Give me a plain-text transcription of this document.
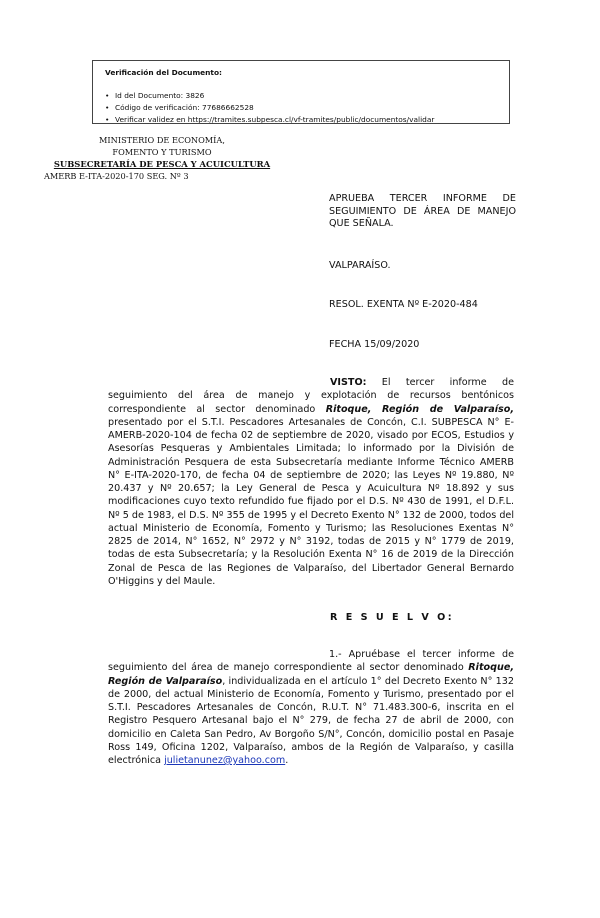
Verificación del Documento:
• Id del Documento: 3826
• Código de verificación: 77686662528
• Verificar validez en https://tramites.subpesca.cl/vf-tramites/public/documentos/validar
MINISTERIO DE ECONOMÍA,
FOMENTO Y TURISMO
SUBSECRETARÍA DE PESCA Y ACUICULTURA
AMERB E-ITA-2020-170 SEG. Nº 3
APRUEBA TERCER INFORME DE SEGUIMIENTO DE ÁREA DE MANEJO QUE SEÑALA.
VALPARAÍSO.
RESOL. EXENTA Nº E-2020-484
FECHA 15/09/2020
VISTO: El tercer informe de seguimiento del área de manejo y explotación de recursos bentónicos correspondiente al sector denominado Ritoque, Región de Valparaíso, presentado por el S.T.I. Pescadores Artesanales de Concón, C.I. SUBPESCA N° E-AMERB-2020-104 de fecha 02 de septiembre de 2020, visado por ECOS, Estudios y Asesorías Pesqueras y Ambientales Limitada; lo informado por la División de Administración Pesquera de esta Subsecretaría mediante Informe Técnico AMERB N° E-ITA-2020-170, de fecha 04 de septiembre de 2020; las Leyes Nº 19.880, Nº 20.437 y Nº 20.657; la Ley General de Pesca y Acuicultura Nº 18.892 y sus modificaciones cuyo texto refundido fue fijado por el D.S. Nº 430 de 1991, el D.F.L. Nº 5 de 1983, el D.S. Nº 355 de 1995 y el Decreto Exento N° 132 de 2000, todos del actual Ministerio de Economía, Fomento y Turismo; las Resoluciones Exentas N° 2825 de 2014, N° 1652, N° 2972 y N° 3192, todas de 2015 y N° 1779 de 2019, todas de esta Subsecretaría; y la Resolución Exenta N° 16 de 2019 de la Dirección Zonal de Pesca de las Regiones de Valparaíso, del Libertador General Bernardo O'Higgins y del Maule.
R E S U E L V O:
1.- Apruébase el tercer informe de seguimiento del área de manejo correspondiente al sector denominado Ritoque, Región de Valparaíso, individualizada en el artículo 1° del Decreto Exento N° 132 de 2000, del actual Ministerio de Economía, Fomento y Turismo, presentado por el S.T.I. Pescadores Artesanales de Concón, R.U.T. N° 71.483.300-6, inscrita en el Registro Pesquero Artesanal bajo el N° 279, de fecha 27 de abril de 2000, con domicilio en Caleta San Pedro, Av Borgoño S/N°, Concón, domicilio postal en Pasaje Ross 149, Oficina 1202, Valparaíso, ambos de la Región de Valparaíso, y casilla electrónica julietanunez@yahoo.com.
